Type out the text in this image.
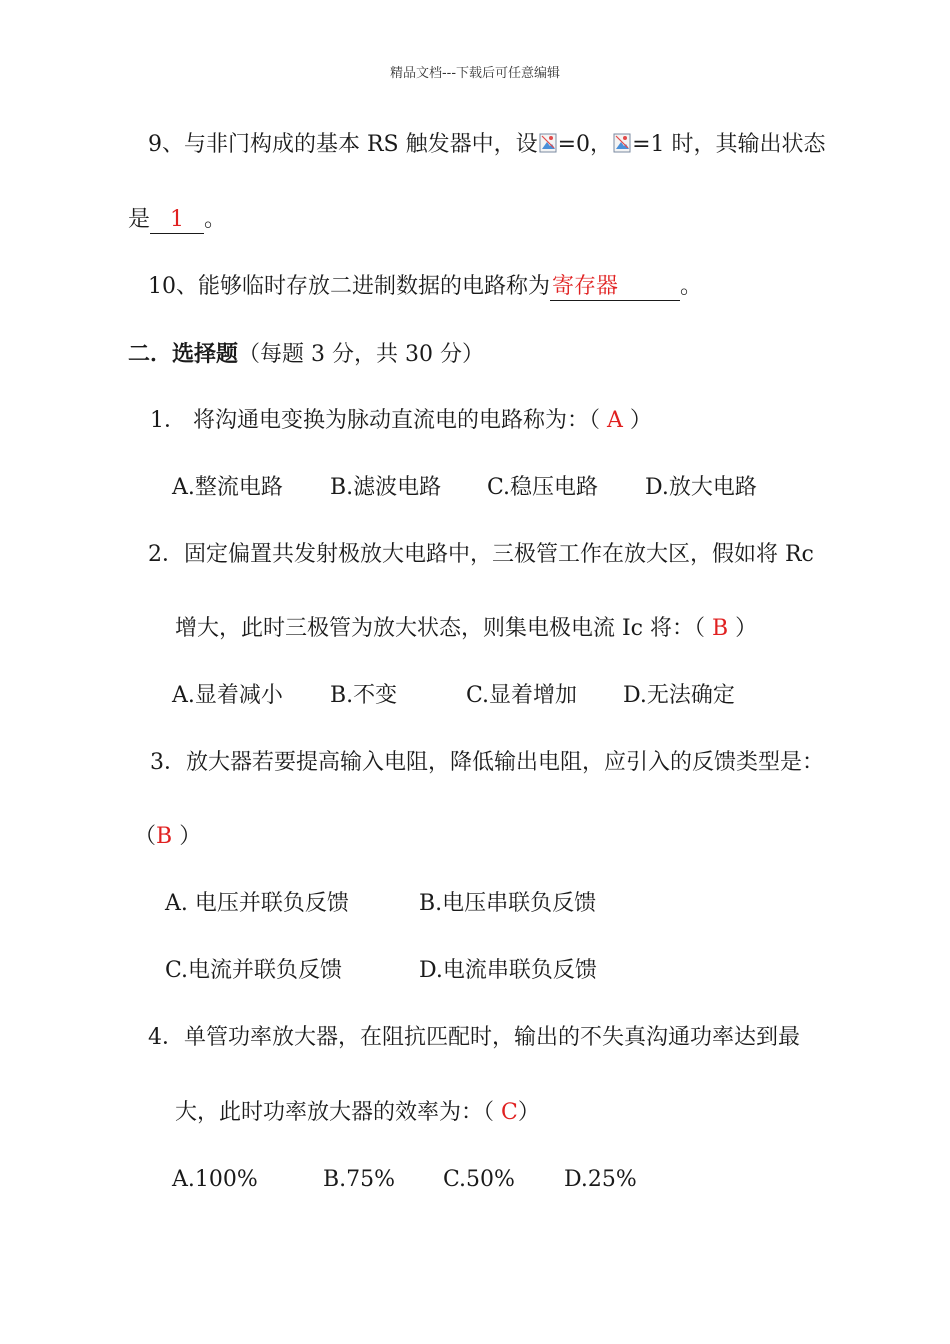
精品文档---下载后可任意编辑
9、与非门构成的基本 RS 触发器中，设 =0， =1 时，其输出状态
是 1 。
10、能够临时存放二进制数据的电路称为寄存器	。
二．选择题（每题 3 分，共 30 分）
1． 将沟通电变换为脉动直流电的电路称为：（ A ）
A.整流电路 B.滤波电路 C.稳压电路 D.放大电路
2．固定偏置共发射极放大电路中，三极管工作在放大区，假如将 Rc
增大，此时三极管为放大状态，则集电极电流 Ic 将：（ B ）
A.显着减小 B.不变	C.显着增加 D.无法确定
3．放大器若要提高输入电阻，降低输出电阻，应引入的反馈类型是：
（B ）
A. 电压并联负反馈	B.电压串联负反馈
C.电流并联负反馈	D.电流串联负反馈
4．单管功率放大器，在阻抗匹配时，输出的不失真沟通功率达到最
大，此时功率放大器的效率为：（ C）
A.100%	B.75% C.50% D.25%
